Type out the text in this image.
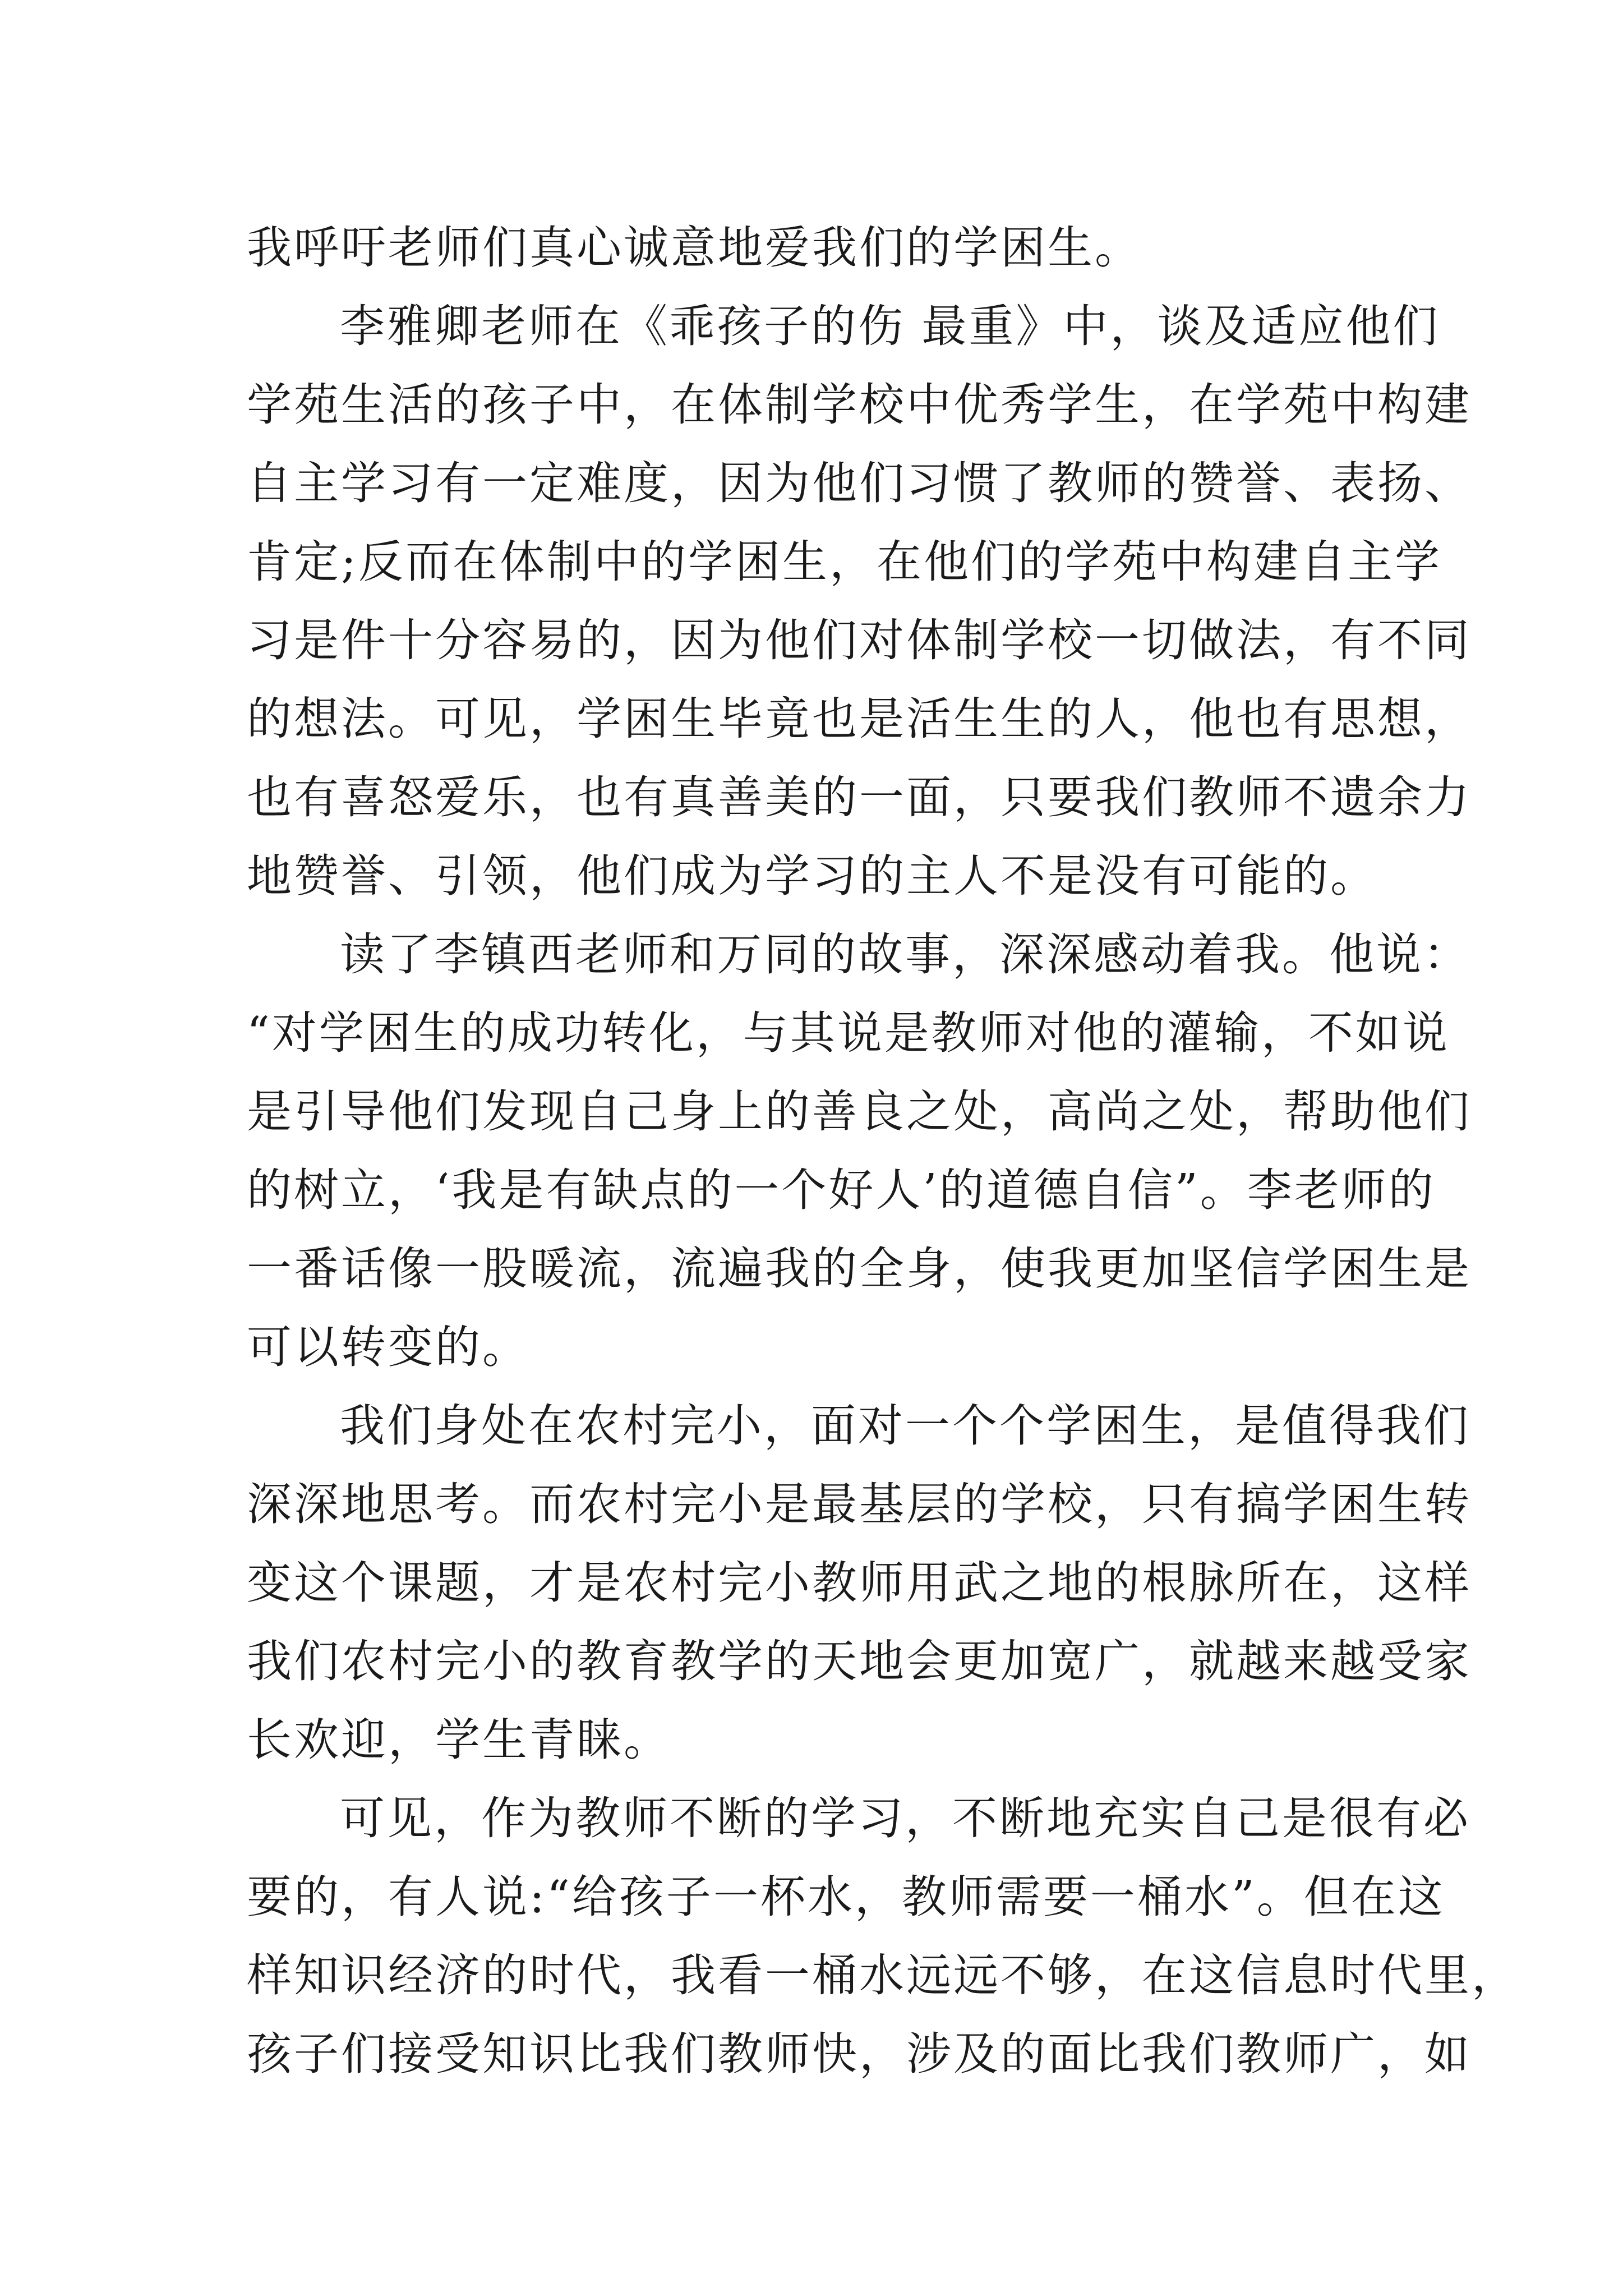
我呼吁老师们真心诚意地爱我们的学困生。
李雅卿老师在《乖孩子的伤 最重》中，谈及适应他们
学苑生活的孩子中，在体制学校中优秀学生，在学苑中构建
自主学习有一定难度，因为他们习惯了教师的赞誉、表扬、
肯定;反而在体制中的学困生，在他们的学苑中构建自主学
习是件十分容易的，因为他们对体制学校一切做法，有不同
的想法。可见，学困生毕竟也是活生生的人，他也有思想，
也有喜怒爱乐，也有真善美的一面，只要我们教师不遗余力
地赞誉、引领，他们成为学习的主人不是没有可能的。
读了李镇西老师和万同的故事，深深感动着我。他说：
“对学困生的成功转化，与其说是教师对他的灌输，不如说
是引导他们发现自己身上的善良之处，高尚之处，帮助他们
的树立，‘我是有缺点的一个好人’的道德自信”。李老师的
一番话像一股暖流，流遍我的全身，使我更加坚信学困生是
可以转变的。
我们身处在农村完小，面对一个个学困生，是值得我们
深深地思考。而农村完小是最基层的学校，只有搞学困生转
变这个课题，才是农村完小教师用武之地的根脉所在，这样
我们农村完小的教育教学的天地会更加宽广，就越来越受家
长欢迎，学生青睐。
可见，作为教师不断的学习，不断地充实自己是很有必
要的，有人说:“给孩子一杯水，教师需要一桶水”。但在这
样知识经济的时代，我看一桶水远远不够，在这信息时代里，
孩子们接受知识比我们教师快，涉及的面比我们教师广，如
